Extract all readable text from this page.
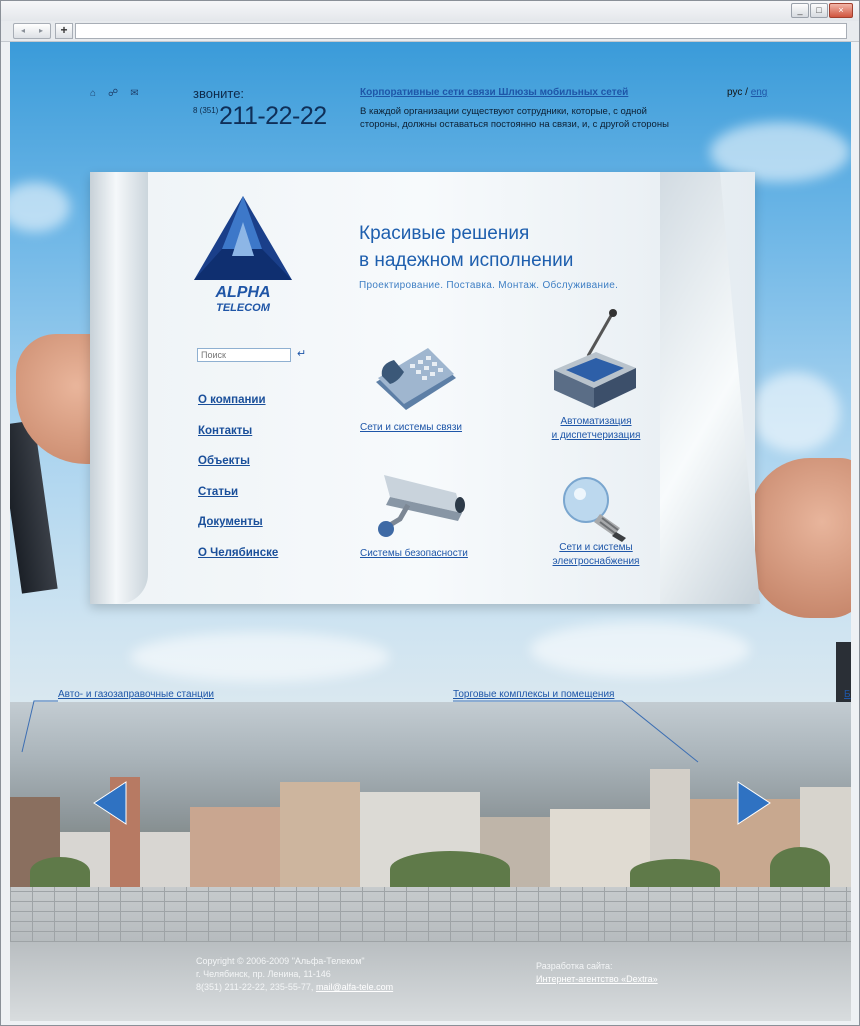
_	□	×
◂	▸	+
⌂ ☍ ✉	звоните:
8 (351) 211-22-22
Корпоративные сети связи Шлюзы мобильных сетей
В каждой организации существуют сотрудники, которые, с одной стороны, должны оставаться постоянно на связи, и, с другой стороны
рус / eng
ALPHA
TELECOM
Красивые решения
в надежном исполнении
Проектирование. Поставка. Монтаж. Обслуживание.
Поиск
↵
О компании
Контакты
Объекты
Статьи
Документы
О Челябинске
Сети и системы связи
Автоматизация
и диспетчеризация
Системы безопасности
Сети и системы
электроснабжения
Авто- и газозаправочные станции	Торговые комплексы и помещения	Б
Copyright © 2006-2009 "Альфа-Телеком"
г. Челябинск, пр. Ленина, 11-146
8(351) 211-22-22, 235-55-77, mail@alfa-tele.com
Разработка сайта:
Интернет-агентство «Dextra»
